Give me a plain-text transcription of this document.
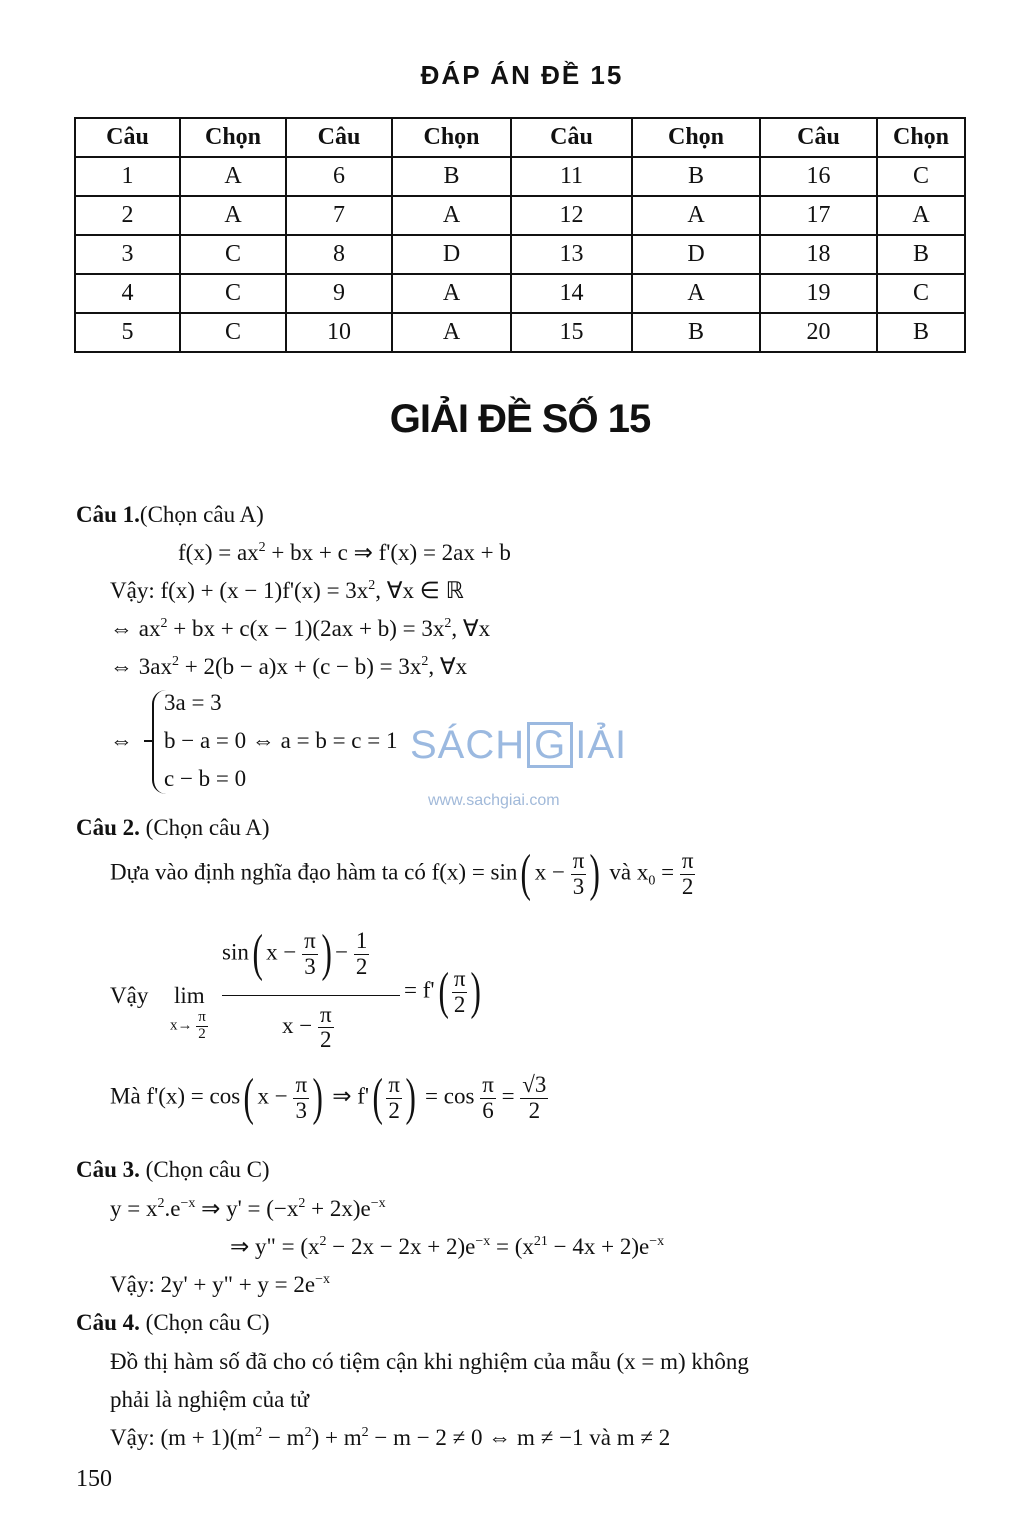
ĐÁP ÁN ĐỀ 15
Câu	Chọn	Câu	Chọn	Câu	Chọn	Câu	Chọn
1	A	6	B	11	B	16	C
2	A	7	A	12	A	17	A
3	C	8	D	13	D	18	B
4	C	9	A	14	A	19	C
5	C	10	A	15	B	20	B
GIẢI ĐỀ SỐ 15
Câu 1.(Chọn câu A)
$f(x) = ax^2$ + bx + c ⇒ f'(x) = 2ax + b
Vậy: $f(x) + (x - 1)f'(x) = 3x^2$, ∀x ∈ ℝ
⇔ $ax^2$ + bx + $c(x - 1)(2ax + b) = 3x^2$, ∀x
⇔ $3ax^2 + 2(b - a)x + (c - b) = 3x^2$, ∀x
⇔
3a = 3
b − a = 0 ⇔ a = b = c = 1
c − b = 0
SÁCH G IẢI
www.sachgiai.com
Câu 2. (Chọn câu A)
Dựa vào định nghĩa đạo hàm ta có f(x) = sin( $x - \frac{\pi}{3}$ ) và $x_0 = \frac{\pi}{2}$
Vậy lim
$x\to \frac{\pi}{2}$
sin( $x - \frac{\pi}{3}$ ) − $\frac{1}{2}$
$x - \frac{\pi}{2}$
= $f'( \frac{\pi}{2}$ )
Mà f'(x) = cos( $x - \frac{\pi}{3}$ ) ⇒ $f'( \frac{\pi}{2}$ ) = $\cos \frac{\pi}{6} = \frac{√3}{2}$
Câu 3. (Chọn câu C)
$y = x^2.e^{-x}$ ⇒ $y' = (-x^2 + 2x)e^{-x}$
⇒ y" = $(x^2 - 2x - 2x + 2)e^{-x} = (x^{21} - 4x + 2)e^{-x}$
Vậy: 2y' + y" + $y = 2e^{-x}$
Câu 4. (Chọn câu C)
Đồ thị hàm số đã cho có tiệm cận khi nghiệm của mẫu (x = m) không
phải là nghiệm của tử
Vậy: $(m + 1)(m^2 - m^2) + m^2 - m - 2 \ne 0$ ⇔ m ≠ −1 và m ≠ 2
150
